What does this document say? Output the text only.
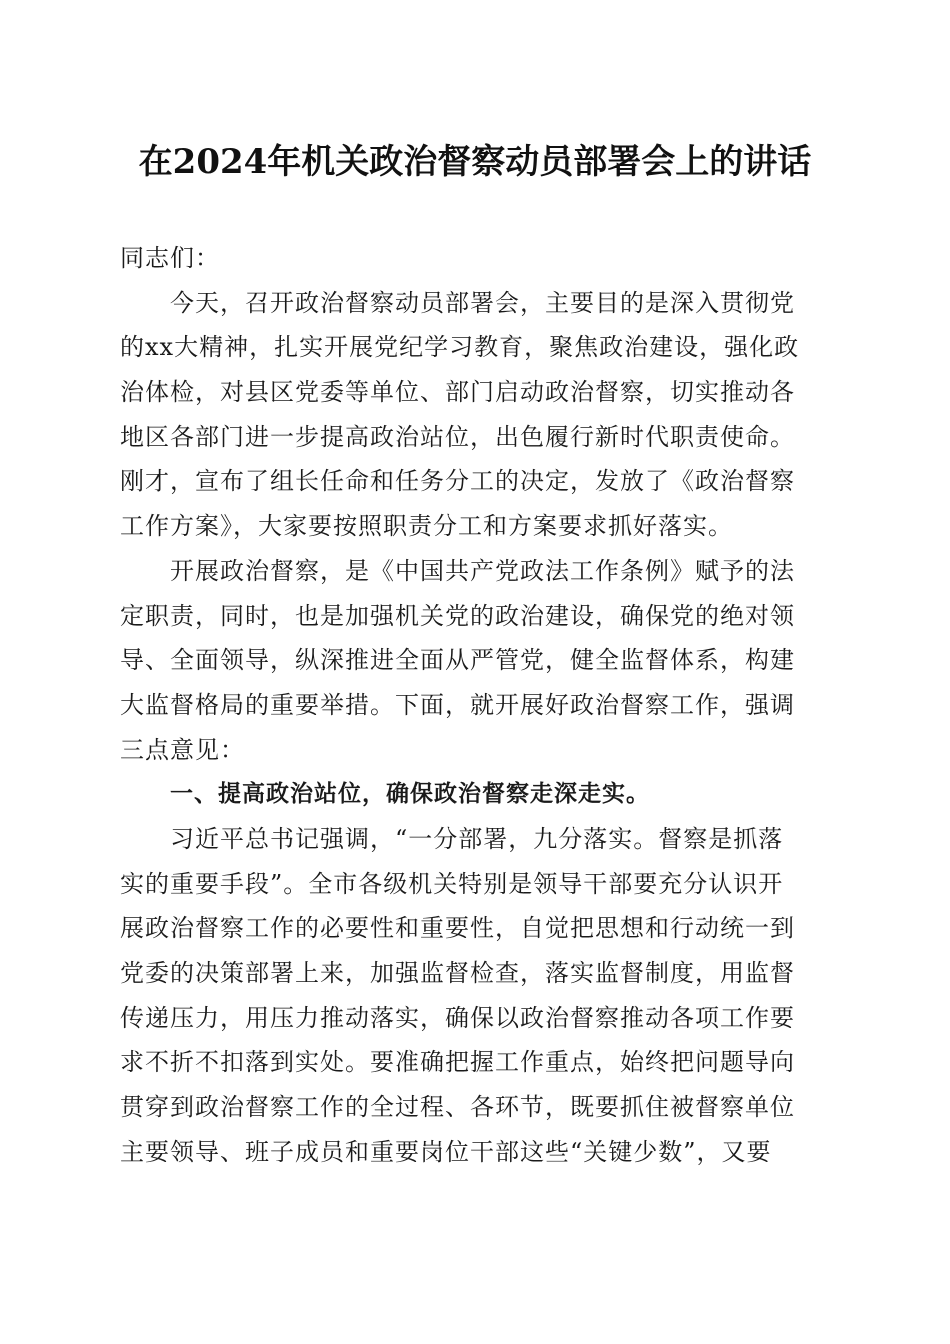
在2024年机关政治督察动员部署会上的讲话
同志们：
今天，召开政治督察动员部署会，主要目的是深入贯彻党
的xx大精神，扎实开展党纪学习教育，聚焦政治建设，强化政
治体检，对县区党委等单位、部门启动政治督察，切实推动各
地区各部门进一步提高政治站位，出色履行新时代职责使命。
刚才，宣布了组长任命和任务分工的决定，发放了《政治督察
工作方案》，大家要按照职责分工和方案要求抓好落实。
开展政治督察，是《中国共产党政法工作条例》赋予的法
定职责，同时，也是加强机关党的政治建设，确保党的绝对领
导、全面领导，纵深推进全面从严管党，健全监督体系，构建
大监督格局的重要举措。下面，就开展好政治督察工作，强调
三点意见：
一、提高政治站位，确保政治督察走深走实。
习近平总书记强调，“一分部署，九分落实。督察是抓落
实的重要手段”。全市各级机关特别是领导干部要充分认识开
展政治督察工作的必要性和重要性，自觉把思想和行动统一到
党委的决策部署上来，加强监督检查，落实监督制度，用监督
传递压力，用压力推动落实，确保以政治督察推动各项工作要
求不折不扣落到实处。要准确把握工作重点，始终把问题导向
贯穿到政治督察工作的全过程、各环节，既要抓住被督察单位
主要领导、班子成员和重要岗位干部这些“关键少数”，又要
